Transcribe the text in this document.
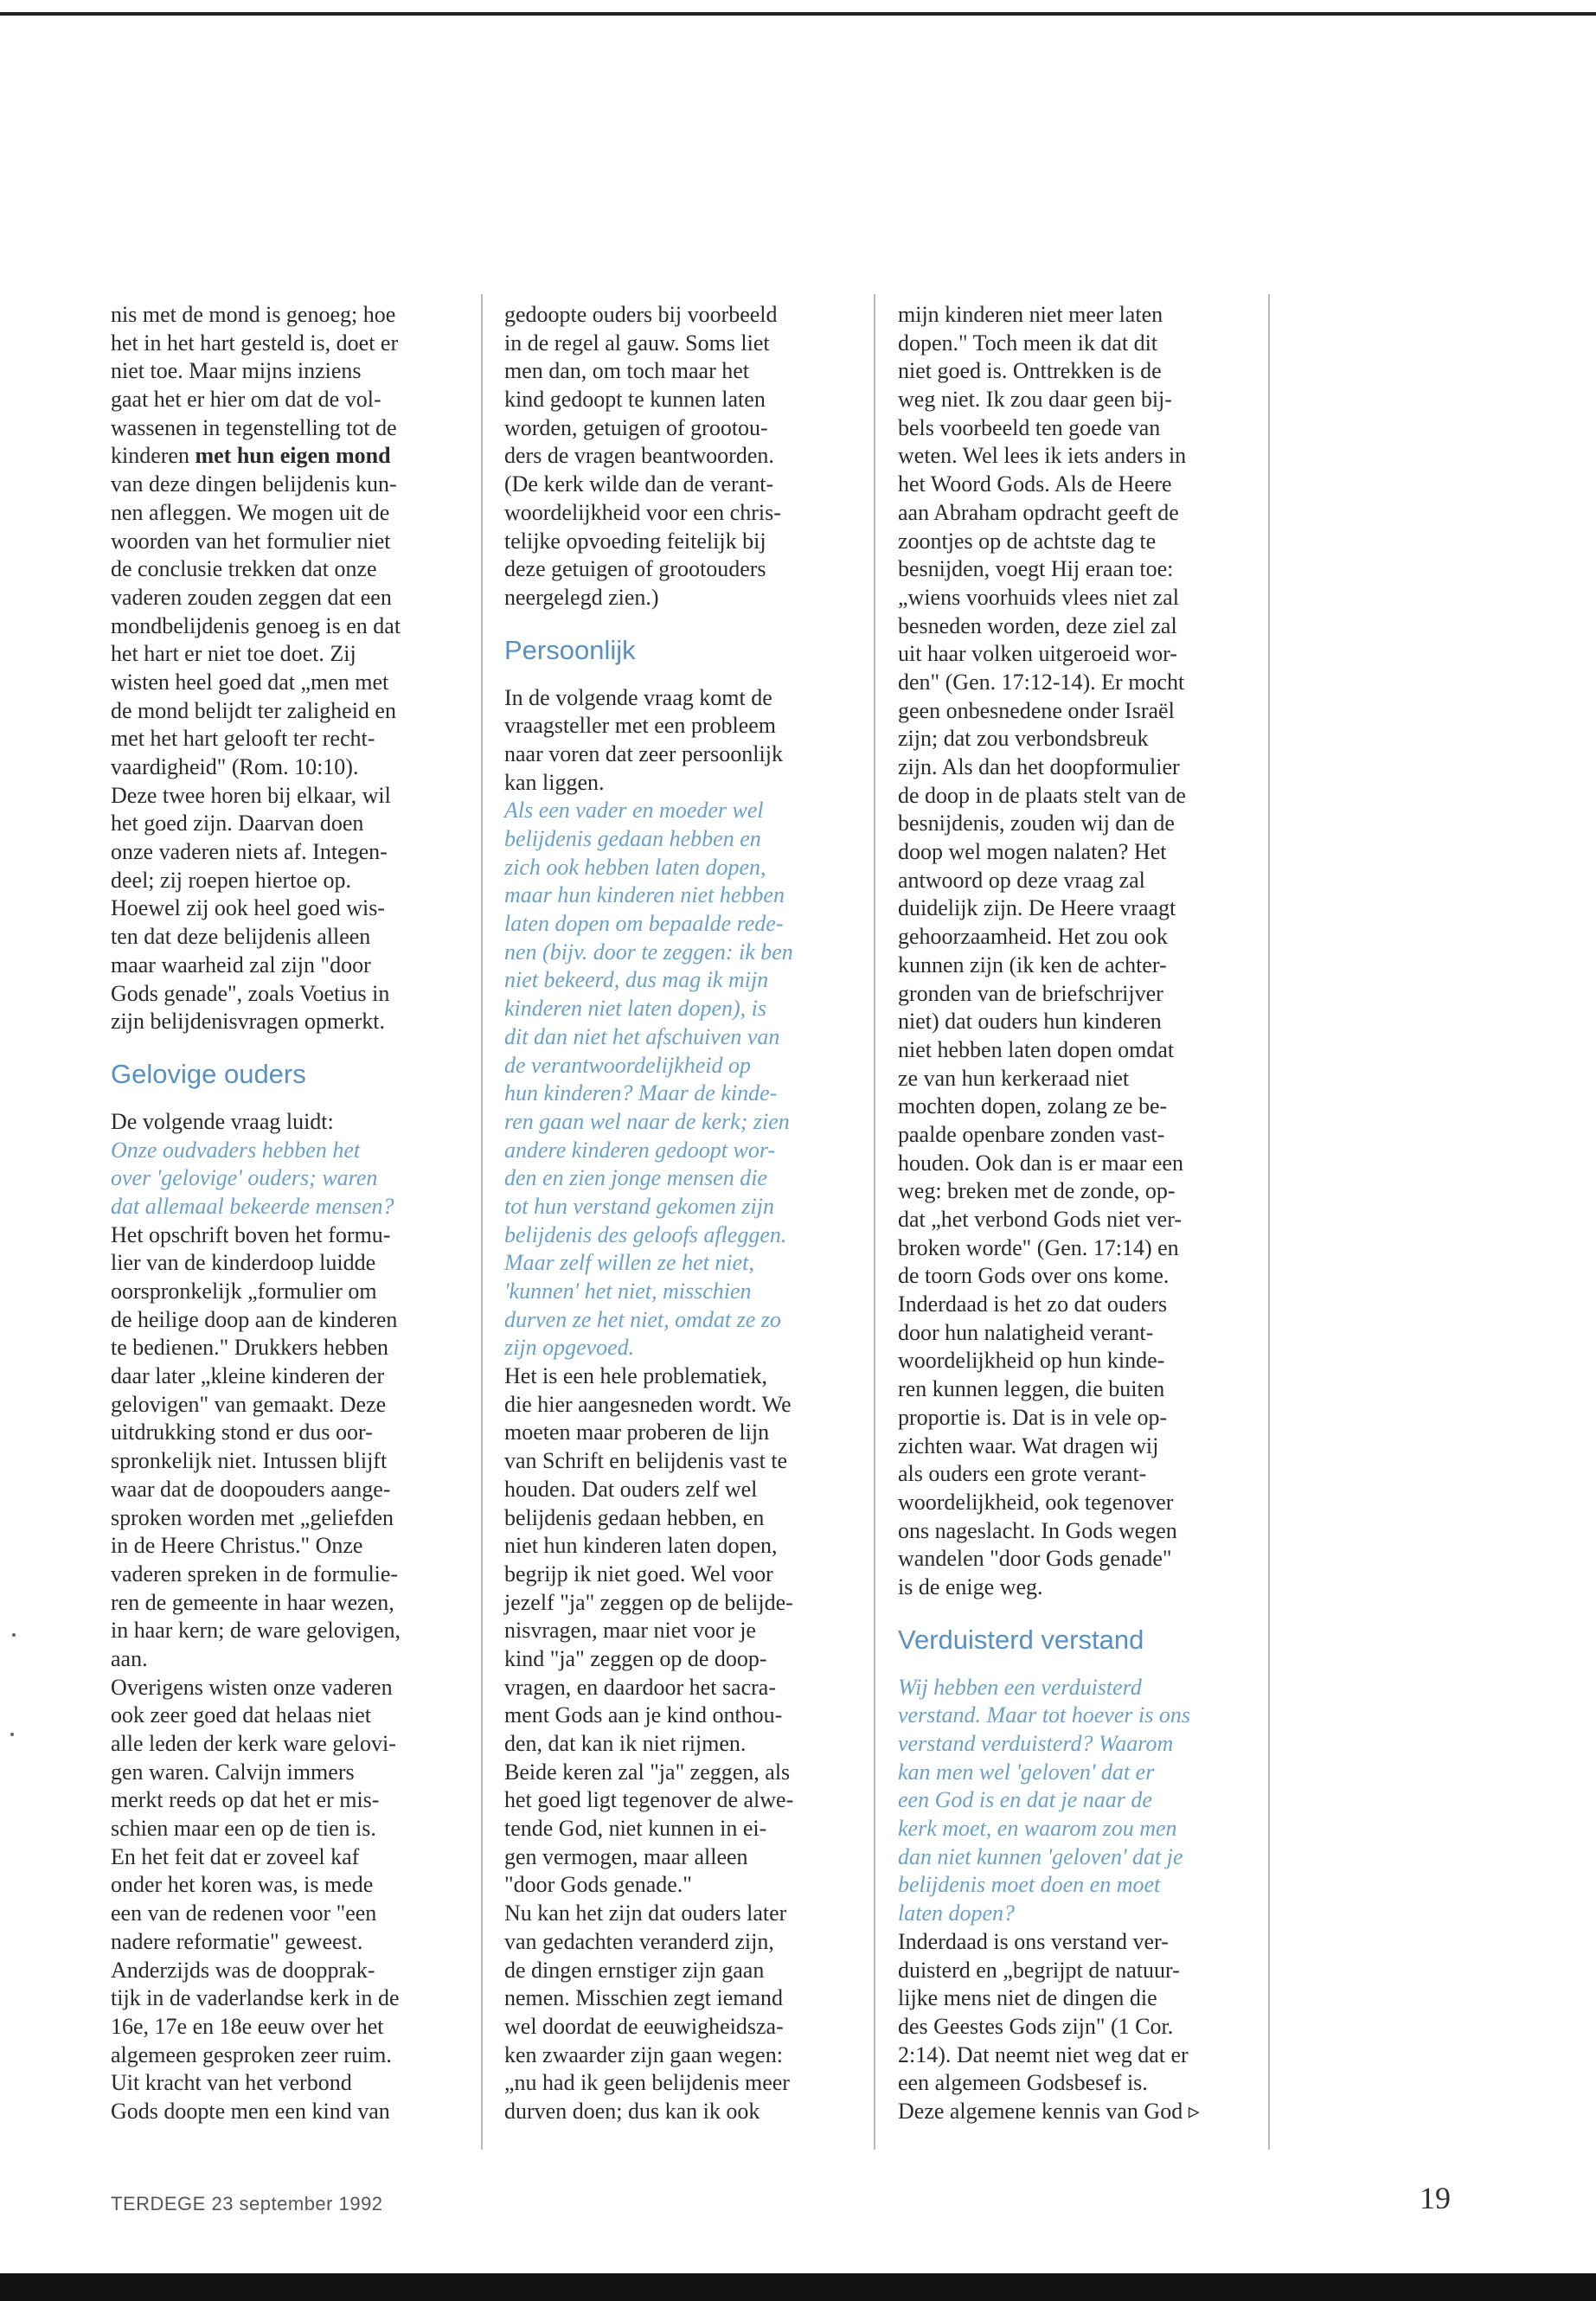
nis met de mond is genoeg; hoe
het in het hart gesteld is, doet er
niet toe. Maar mijns inziens
gaat het er hier om dat de vol-
wassenen in tegenstelling tot de
kinderen met hun eigen mond
van deze dingen belijdenis kun-
nen afleggen. We mogen uit de
woorden van het formulier niet
de conclusie trekken dat onze
vaderen zouden zeggen dat een
mondbelijdenis genoeg is en dat
het hart er niet toe doet. Zij
wisten heel goed dat „men met
de mond belijdt ter zaligheid en
met het hart gelooft ter recht-
vaardigheid" (Rom. 10:10).
Deze twee horen bij elkaar, wil
het goed zijn. Daarvan doen
onze vaderen niets af. Integen-
deel; zij roepen hiertoe op.
Hoewel zij ook heel goed wis-
ten dat deze belijdenis alleen
maar waarheid zal zijn "door
Gods genade", zoals Voetius in
zijn belijdenisvragen opmerkt.
Gelovige ouders
De volgende vraag luidt:
Onze oudvaders hebben het
over 'gelovige' ouders; waren
dat allemaal bekeerde mensen?
Het opschrift boven het formu-
lier van de kinderdoop luidde
oorspronkelijk „formulier om
de heilige doop aan de kinderen
te bedienen." Drukkers hebben
daar later „kleine kinderen der
gelovigen" van gemaakt. Deze
uitdrukking stond er dus oor-
spronkelijk niet. Intussen blijft
waar dat de doopouders aange-
sproken worden met „geliefden
in de Heere Christus." Onze
vaderen spreken in de formulie-
ren de gemeente in haar wezen,
in haar kern; de ware gelovigen,
aan.
Overigens wisten onze vaderen
ook zeer goed dat helaas niet
alle leden der kerk ware gelovi-
gen waren. Calvijn immers
merkt reeds op dat het er mis-
schien maar een op de tien is.
En het feit dat er zoveel kaf
onder het koren was, is mede
een van de redenen voor "een
nadere reformatie" geweest.
Anderzijds was de doopprak-
tijk in de vaderlandse kerk in de
16e, 17e en 18e eeuw over het
algemeen gesproken zeer ruim.
Uit kracht van het verbond
Gods doopte men een kind van
gedoopte ouders bij voorbeeld
in de regel al gauw. Soms liet
men dan, om toch maar het
kind gedoopt te kunnen laten
worden, getuigen of grootou-
ders de vragen beantwoorden.
(De kerk wilde dan de verant-
woordelijkheid voor een chris-
telijke opvoeding feitelijk bij
deze getuigen of grootouders
neergelegd zien.)
Persoonlijk
In de volgende vraag komt de
vraagsteller met een probleem
naar voren dat zeer persoonlijk
kan liggen.
Als een vader en moeder wel
belijdenis gedaan hebben en
zich ook hebben laten dopen,
maar hun kinderen niet hebben
laten dopen om bepaalde rede-
nen (bijv. door te zeggen: ik ben
niet bekeerd, dus mag ik mijn
kinderen niet laten dopen), is
dit dan niet het afschuiven van
de verantwoordelijkheid op
hun kinderen? Maar de kinde-
ren gaan wel naar de kerk; zien
andere kinderen gedoopt wor-
den en zien jonge mensen die
tot hun verstand gekomen zijn
belijdenis des geloofs afleggen.
Maar zelf willen ze het niet,
'kunnen' het niet, misschien
durven ze het niet, omdat ze zo
zijn opgevoed.
Het is een hele problematiek,
die hier aangesneden wordt. We
moeten maar proberen de lijn
van Schrift en belijdenis vast te
houden. Dat ouders zelf wel
belijdenis gedaan hebben, en
niet hun kinderen laten dopen,
begrijp ik niet goed. Wel voor
jezelf "ja" zeggen op de belijde-
nisvragen, maar niet voor je
kind "ja" zeggen op de doop-
vragen, en daardoor het sacra-
ment Gods aan je kind onthou-
den, dat kan ik niet rijmen.
Beide keren zal "ja" zeggen, als
het goed ligt tegenover de alwe-
tende God, niet kunnen in ei-
gen vermogen, maar alleen
"door Gods genade."
Nu kan het zijn dat ouders later
van gedachten veranderd zijn,
de dingen ernstiger zijn gaan
nemen. Misschien zegt iemand
wel doordat de eeuwigheidsza-
ken zwaarder zijn gaan wegen:
„nu had ik geen belijdenis meer
durven doen; dus kan ik ook
mijn kinderen niet meer laten
dopen." Toch meen ik dat dit
niet goed is. Onttrekken is de
weg niet. Ik zou daar geen bij-
bels voorbeeld ten goede van
weten. Wel lees ik iets anders in
het Woord Gods. Als de Heere
aan Abraham opdracht geeft de
zoontjes op de achtste dag te
besnijden, voegt Hij eraan toe:
„wiens voorhuids vlees niet zal
besneden worden, deze ziel zal
uit haar volken uitgeroeid wor-
den" (Gen. 17:12-14). Er mocht
geen onbesnedene onder Israël
zijn; dat zou verbondsbreuk
zijn. Als dan het doopformulier
de doop in de plaats stelt van de
besnijdenis, zouden wij dan de
doop wel mogen nalaten? Het
antwoord op deze vraag zal
duidelijk zijn. De Heere vraagt
gehoorzaamheid. Het zou ook
kunnen zijn (ik ken de achter-
gronden van de briefschrijver
niet) dat ouders hun kinderen
niet hebben laten dopen omdat
ze van hun kerkeraad niet
mochten dopen, zolang ze be-
paalde openbare zonden vast-
houden. Ook dan is er maar een
weg: breken met de zonde, op-
dat „het verbond Gods niet ver-
broken worde" (Gen. 17:14) en
de toorn Gods over ons kome.
Inderdaad is het zo dat ouders
door hun nalatigheid verant-
woordelijkheid op hun kinde-
ren kunnen leggen, die buiten
proportie is. Dat is in vele op-
zichten waar. Wat dragen wij
als ouders een grote verant-
woordelijkheid, ook tegenover
ons nageslacht. In Gods wegen
wandelen "door Gods genade"
is de enige weg.
Verduisterd verstand
Wij hebben een verduisterd
verstand. Maar tot hoever is ons
verstand verduisterd? Waarom
kan men wel 'geloven' dat er
een God is en dat je naar de
kerk moet, en waarom zou men
dan niet kunnen 'geloven' dat je
belijdenis moet doen en moet
laten dopen?
Inderdaad is ons verstand ver-
duisterd en „begrijpt de natuur-
lijke mens niet de dingen die
des Geestes Gods zijn" (1 Cor.
2:14). Dat neemt niet weg dat er
een algemeen Godsbesef is.
Deze algemene kennis van God ▹
TERDEGE 23 september 1992	19
